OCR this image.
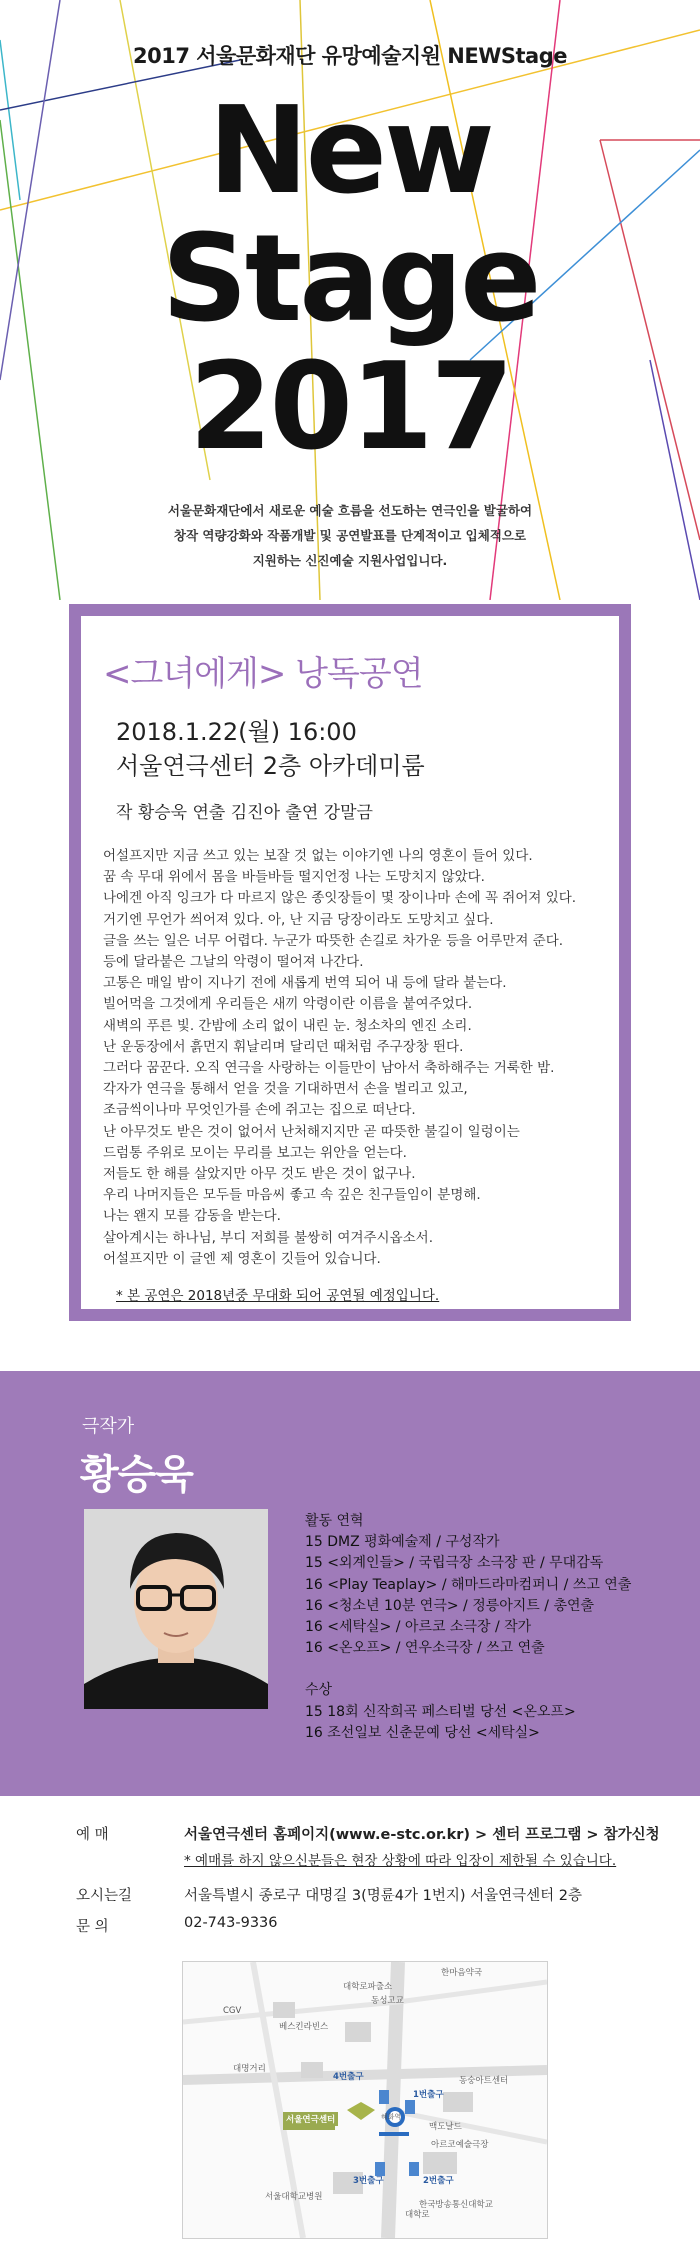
2017 서울문화재단 유망예술지원 NEWStage
New
Stage
2017
서울문화재단에서 새로운 예술 흐름을 선도하는 연극인을 발굴하여
창작 역량강화와 작품개발 및 공연발표를 단계적이고 입체적으로
지원하는 신진예술 지원사업입니다.
<그녀에게> 낭독공연
2018.1.22(월) 16:00
서울연극센터 2층 아카데미룸
작 황승욱 연출 김진아 출연 강말금
어설프지만 지금 쓰고 있는 보잘 것 없는 이야기엔 나의 영혼이 들어 있다.
꿈 속 무대 위에서 몸을 바들바들 떨지언정 나는 도망치지 않았다.
나에겐 아직 잉크가 다 마르지 않은 종잇장들이 몇 장이나마 손에 꼭 쥐어져 있다.
거기엔 무언가 씌어져 있다. 아, 난 지금 당장이라도 도망치고 싶다.
글을 쓰는 일은 너무 어렵다. 누군가 따뜻한 손길로 차가운 등을 어루만져 준다.
등에 달라붙은 그날의 악령이 떨어져 나간다.
고통은 매일 밤이 지나기 전에 새롭게 번역 되어 내 등에 달라 붙는다.
빌어먹을 그것에게 우리들은 새끼 악령이란 이름을 붙여주었다.
새벽의 푸른 빛. 간밤에 소리 없이 내린 눈. 청소차의 엔진 소리.
난 운동장에서 흙먼지 휘날리며 달리던 때처럼 주구장창 뛴다.
그러다 꿈꾼다. 오직 연극을 사랑하는 이들만이 남아서 축하해주는 거룩한 밤.
각자가 연극을 통해서 얻을 것을 기대하면서 손을 벌리고 있고,
조금씩이나마 무엇인가를 손에 쥐고는 집으로 떠난다.
난 아무것도 받은 것이 없어서 난처해지지만 곧 따뜻한 불길이 일렁이는
드럼통 주위로 모이는 무리를 보고는 위안을 얻는다.
저들도 한 해를 살았지만 아무 것도 받은 것이 없구나.
우리 나머지들은 모두들 마음씨 좋고 속 깊은 친구들임이 분명해.
나는 왠지 모를 감동을 받는다.
살아계시는 하나님, 부디 저희를 불쌍히 여겨주시옵소서.
어설프지만 이 글엔 제 영혼이 깃들어 있습니다.
* 본 공연은 2018년중 무대화 되어 공연될 예정입니다.
극작가
황승욱
활동 연혁
15 DMZ 평화예술제 / 구성작가
15 <외계인들> / 국립극장 소극장 판 / 무대감독
16 <Play Teaplay> / 해마드라마컴퍼니 / 쓰고 연출
16 <청소년 10분 연극> / 정릉아지트 / 총연출
16 <세탁실> / 아르코 소극장 / 작가
16 <온오프> / 연우소극장 / 쓰고 연출
수상
15 18회 신작희곡 페스티벌 당선 <온오프>
16 조선일보 신춘문예 당선 <세탁실>
예 매	서울연극센터 홈페이지(www.e-stc.or.kr) > 센터 프로그램 > 참가신청
* 예매를 하지 않으신분들은 현장 상황에 따라 입장이 제한될 수 있습니다.
오시는길	서울특별시 종로구 대명길 3(명륜4가 1번지) 서울연극센터 2층
문 의	02-743-9336
한마음약국
대학로파출소
동성고교
CGV
베스킨라빈스
대명거리
4번출구
1번출구
혜화역
서울연극센터
동숭아트센터
맥도날드
아르코예술극장
3번출구	2번출구
서울대학교병원
한국방송통신대학교
대학로
